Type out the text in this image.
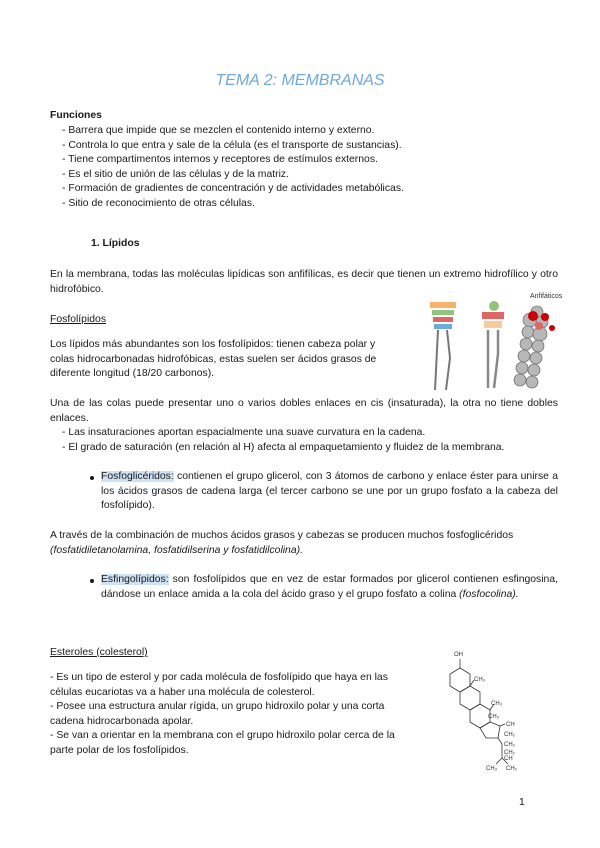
TEMA 2: MEMBRANAS
Funciones
- Barrera que impide que se mezclen el contenido interno y externo.
- Controla lo que entra y sale de la célula (es el transporte de sustancias).
- Tiene compartimentos internos y receptores de estímulos externos.
- Es el sitio de unión de las células y de la matriz.
- Formación de gradientes de concentración y de actividades metabólicas.
- Sitio de reconocimiento de otras células.
1. Lípidos
En la membrana, todas las moléculas lipídicas son anfifílicas, es decir que tienen un extremo hidrofílico y otro hidrofóbico.
Fosfolípidos
Los lípidos más abundantes son los fosfolípidos: tienen cabeza polar y colas hidrocarbonadas hidrofóbicas, estas suelen ser ácidos grasos de diferente longitud (18/20 carbonos).
Anfifáticos
Una de las colas puede presentar uno o varios dobles enlaces en cis (insaturada), la otra no tiene dobles enlaces.
- Las insaturaciones aportan espacialmente una suave curvatura en la cadena.
- El grado de saturación (en relación al H) afecta al empaquetamiento y fluidez de la membrana.
Fosfoglicéridos: contienen el grupo glicerol, con 3 átomos de carbono y enlace éster para unirse a los ácidos grasos de cadena larga (el tercer carbono se une por un grupo fosfato a la cabeza del fosfolípido).
A través de la combinación de muchos ácidos grasos y cabezas se producen muchos fosfoglicéridos
(fosfatidiletanolamina, fosfatidilserina y fosfatidilcolina).
Esfingolípidos: son fosfolípidos que en vez de estar formados por glicerol contienen esfingosina, dándose un enlace amida a la cola del ácido graso y el grupo fosfato a colina (fosfocolina).
Esteroles (colesterol)
- Es un tipo de esterol y por cada molécula de fosfolípido que haya en las células eucariotas va a haber una molécula de colesterol.
- Posee una estructura anular rígida, un grupo hidroxilo polar y una corta cadena hidrocarbonada apolar.
- Se van a orientar en la membrana con el grupo hidroxilo polar cerca de la parte polar de los fosfolípidos.
OH
CH₃
CH₃
CH
CH₃
CH₂
CH₂
CH₂
CH
CH₃ CH₃
1
